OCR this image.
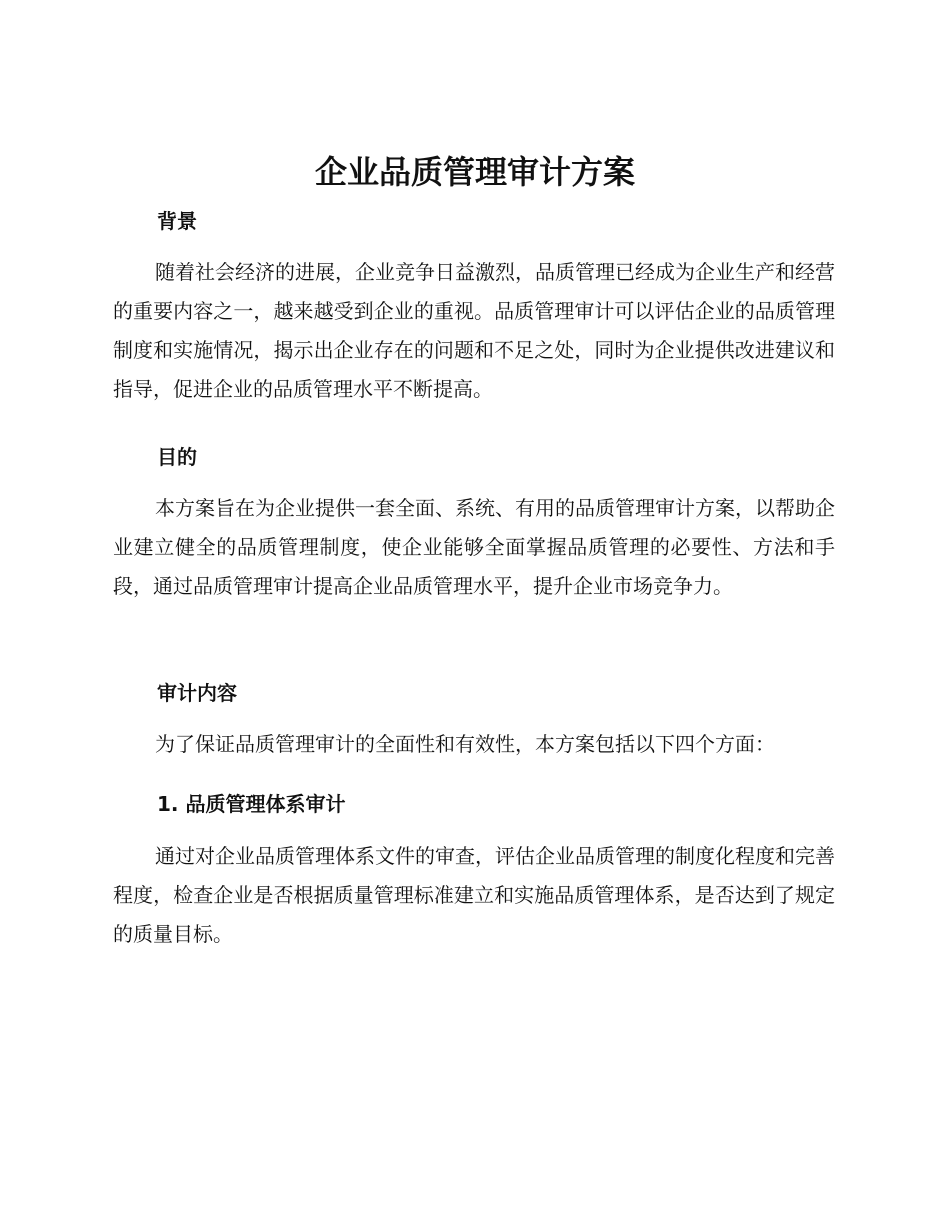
企业品质管理审计方案
背景

随着社会经济的进展，企业竞争日益激烈，品质管理已经成为企业生产和经营的重要内容之一，越来越受到企业的重视。品质管理审计可以评估企业的品质管理制度和实施情况，揭示出企业存在的问题和不足之处，同时为企业提供改进建议和指导，促进企业的品质管理水平不断提高。

目的

本方案旨在为企业提供一套全面、系统、有用的品质管理审计方案，以帮助企业建立健全的品质管理制度，使企业能够全面掌握品质管理的必要性、方法和手段，通过品质管理审计提高企业品质管理水平，提升企业市场竞争力。

审计内容

为了保证品质管理审计的全面性和有效性，本方案包括以下四个方面：

1. 品质管理体系审计

通过对企业品质管理体系文件的审查，评估企业品质管理的制度化程度和完善程度，检查企业是否根据质量管理标准建立和实施品质管理体系，是否达到了规定的质量目标。
